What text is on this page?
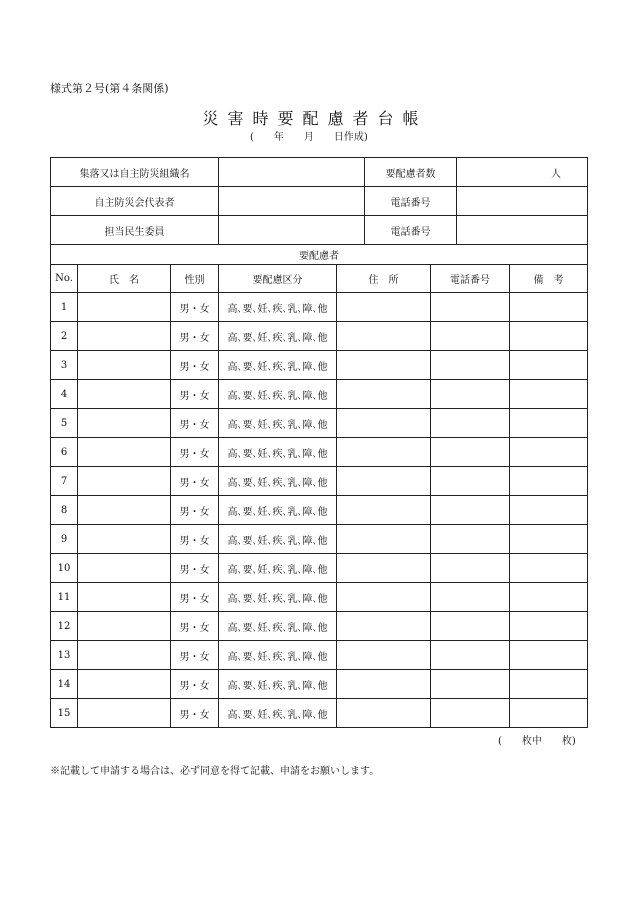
様式第２号(第４条関係)
災害時要配慮者台帳
(　　年　　月　　日作成)
集落又は自主防災組織名		要配慮者数	人
自主防災会代表者		電話番号	
担当民生委員		電話番号	
要配慮者						
No.	氏　名	性別	要配慮区分	住　所	電話番号	備　考
1		男・女	高､要､妊､疾､乳､障､他			
2		男・女	高､要､妊､疾､乳､障､他			
3		男・女	高､要､妊､疾､乳､障､他			
4		男・女	高､要､妊､疾､乳､障､他			
5		男・女	高､要､妊､疾､乳､障､他			
6		男・女	高､要､妊､疾､乳､障､他			
7		男・女	高､要､妊､疾､乳､障､他			
8		男・女	高､要､妊､疾､乳､障､他			
9		男・女	高､要､妊､疾､乳､障､他			
10		男・女	高､要､妊､疾､乳､障､他			
11		男・女	高､要､妊､疾､乳､障､他			
12		男・女	高､要､妊､疾､乳､障､他			
13		男・女	高､要､妊､疾､乳､障､他			
14		男・女	高､要､妊､疾､乳､障､他			
15		男・女	高､要､妊､疾､乳､障､他			
(　　枚中　　枚)
※記載して申請する場合は、必ず同意を得て記載、申請をお願いします。
